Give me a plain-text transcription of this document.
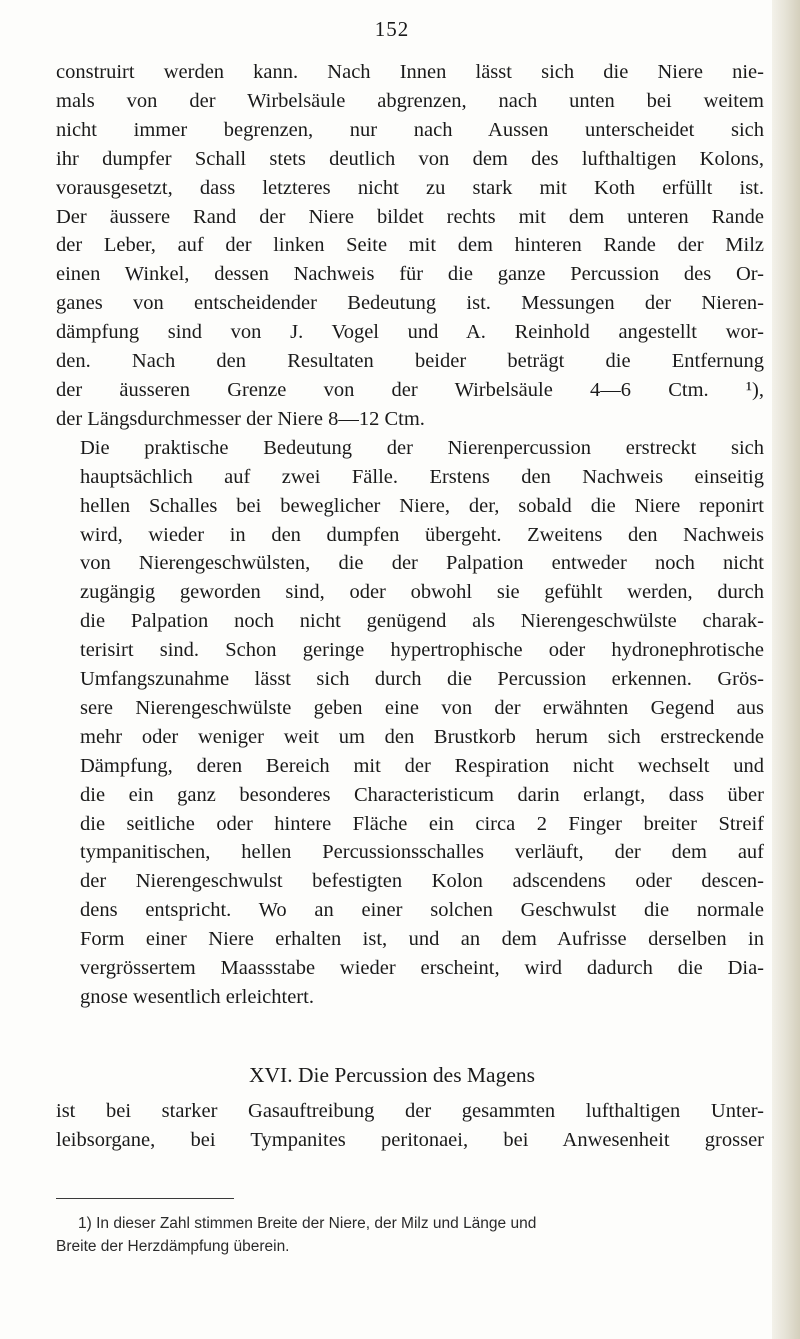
152

construirt werden kann. Nach Innen lässt sich die Niere nie-
mals von der Wirbelsäule abgrenzen, nach unten bei weitem
nicht immer begrenzen, nur nach Aussen unterscheidet sich
ihr dumpfer Schall stets deutlich von dem des lufthaltigen Kolons,
vorausgesetzt, dass letzteres nicht zu stark mit Koth erfüllt ist.
Der äussere Rand der Niere bildet rechts mit dem unteren Rande
der Leber, auf der linken Seite mit dem hinteren Rande der Milz
einen Winkel, dessen Nachweis für die ganze Percussion des Or-
ganes von entscheidender Bedeutung ist. Messungen der Nieren-
dämpfung sind von J. Vogel und A. Reinhold angestellt wor-
den. Nach den Resultaten beider beträgt die Entfernung
der äusseren Grenze von der Wirbelsäule 4—6 Ctm. ¹),
der Längsdurchmesser der Niere 8—12 Ctm.

Die praktische Bedeutung der Nierenpercussion erstreckt sich
hauptsächlich auf zwei Fälle. Erstens den Nachweis einseitig
hellen Schalles bei beweglicher Niere, der, sobald die Niere reponirt
wird, wieder in den dumpfen übergeht. Zweitens den Nachweis
von Nierengeschwülsten, die der Palpation entweder noch nicht
zugängig geworden sind, oder obwohl sie gefühlt werden, durch
die Palpation noch nicht genügend als Nierengeschwülste charak-
terisirt sind. Schon geringe hypertrophische oder hydronephrotische
Umfangszunahme lässt sich durch die Percussion erkennen. Grös-
sere Nierengeschwülste geben eine von der erwähnten Gegend aus
mehr oder weniger weit um den Brustkorb herum sich erstreckende
Dämpfung, deren Bereich mit der Respiration nicht wechselt und
die ein ganz besonderes Characteristicum darin erlangt, dass über
die seitliche oder hintere Fläche ein circa 2 Finger breiter Streif
tympanitischen, hellen Percussionsschalles verläuft, der dem auf
der Nierengeschwulst befestigten Kolon adscendens oder descen-
dens entspricht. Wo an einer solchen Geschwulst die normale
Form einer Niere erhalten ist, und an dem Aufrisse derselben in
vergrössertem Maassstabe wieder erscheint, wird dadurch die Dia-
gnose wesentlich erleichtert.

XVI. Die Percussion des Magens
ist bei starker Gasauftreibung der gesammten lufthaltigen Unter-
leibsorgane, bei Tympanites peritonaei, bei Anwesenheit grosser
1) In dieser Zahl stimmen Breite der Niere, der Milz und Länge und
Breite der Herzdämpfung überein.
